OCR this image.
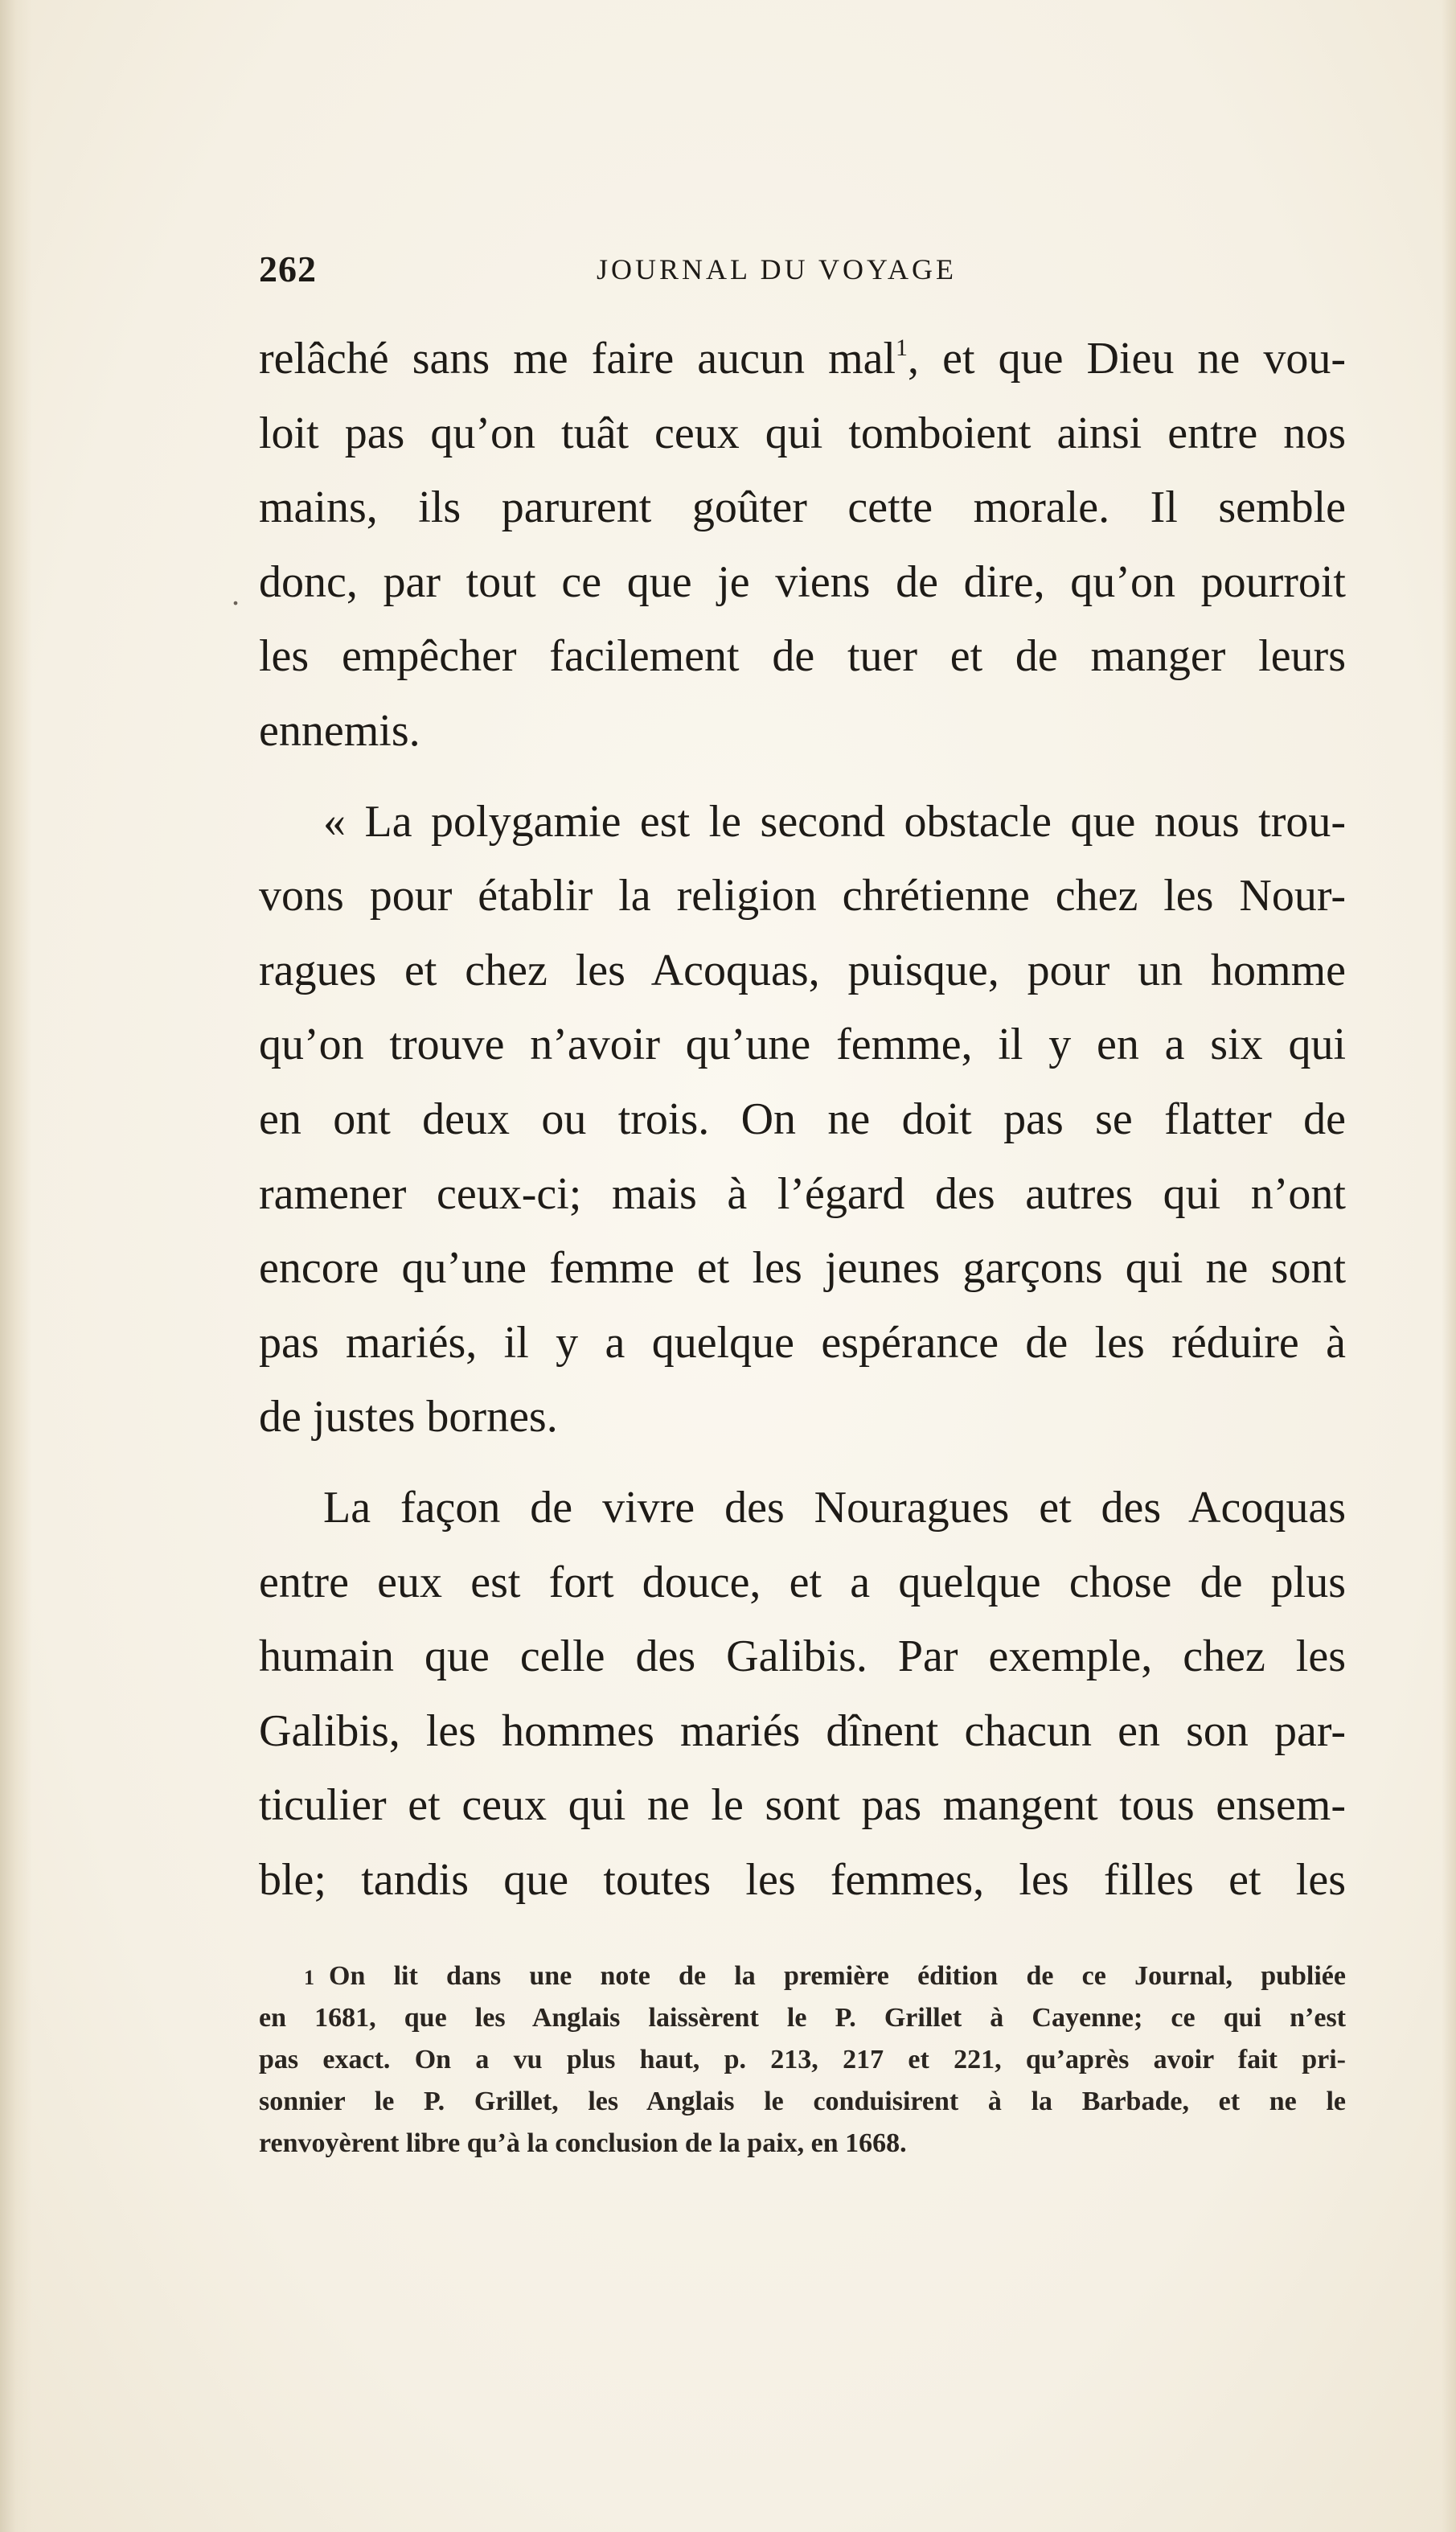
262	JOURNAL DU VOYAGE
.
relâché sans me faire aucun mal$^1$, et que Dieu ne vou-
loit pas qu’on tuât ceux qui tomboient ainsi entre nos
mains, ils parurent goûter cette morale. Il semble
donc, par tout ce que je viens de dire, qu’on pourroit
les empêcher facilement de tuer et de manger leurs
ennemis.
« La polygamie est le second obstacle que nous trou-
vons pour établir la religion chrétienne chez les Nour-
ragues et chez les Acoquas, puisque, pour un homme
qu’on trouve n’avoir qu’une femme, il y en a six qui
en ont deux ou trois. On ne doit pas se flatter de
ramener ceux-ci; mais à l’égard des autres qui n’ont
encore qu’une femme et les jeunes garçons qui ne sont
pas mariés, il y a quelque espérance de les réduire à
de justes bornes.
La façon de vivre des Nouragues et des Acoquas
entre eux est fort douce, et a quelque chose de plus
humain que celle des Galibis. Par exemple, chez les
Galibis, les hommes mariés dînent chacun en son par-
ticulier et ceux qui ne le sont pas mangent tous ensem-
ble; tandis que toutes les femmes, les filles et les
1 On lit dans une note de la première édition de ce Journal, publiée
en 1681, que les Anglais laissèrent le P. Grillet à Cayenne; ce qui n’est
pas exact. On a vu plus haut, p. 213, 217 et 221, qu’après avoir fait pri-
sonnier le P. Grillet, les Anglais le conduisirent à la Barbade, et ne le
renvoyèrent libre qu’à la conclusion de la paix, en 1668.
